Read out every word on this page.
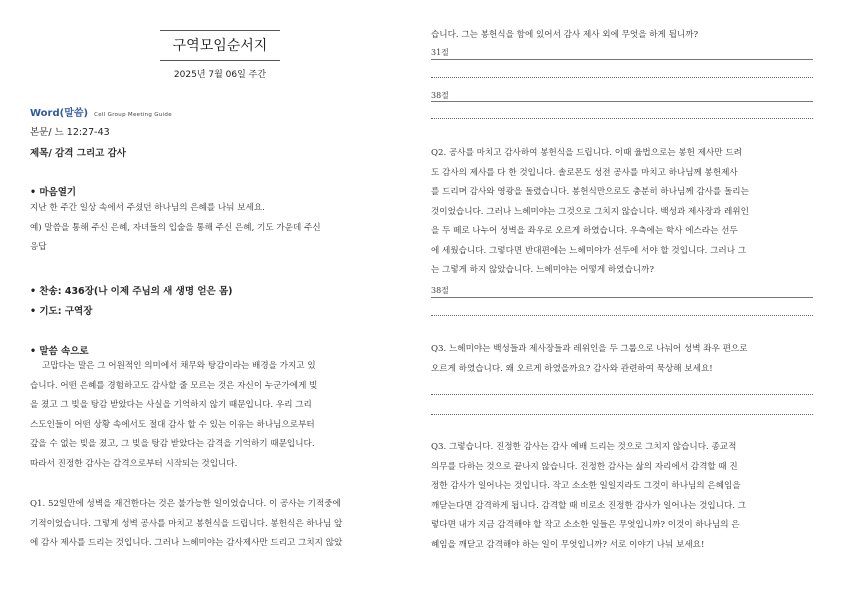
구역모임순서지
2025년 7월 06일 주간
Word(말씀) Cell Group Meeting Guide
본문/ 느 12:27-43
제목/ 감격 그리고 감사
• 마음열기
지난 한 주간 일상 속에서 주셨던 하나님의 은혜를 나눠 보세요.
예) 말씀을 통해 주신 은혜, 자녀들의 입술을 통해 주신 은혜, 기도 가운데 주신
응답
• 찬송: 436장(나 이제 주님의 새 생명 얻은 몸)
• 기도: 구역장
• 말씀 속으로
고맙다는 말은 그 어원적인 의미에서 채무와 탕감이라는 배경을 가지고 있
습니다. 어떤 은혜를 경험하고도 감사할 줄 모르는 것은 자신이 누군가에게 빚
을 졌고 그 빚을 탕감 받았다는 사실을 기억하지 않기 때문입니다. 우리 그리
스도인들이 어떤 상황 속에서도 절대 감사 할 수 있는 이유는 하나님으로부터
갚을 수 없는 빚을 졌고, 그 빚을 탕감 받았다는 감격을 기억하기 때문입니다.
따라서 진정한 감사는 감격으로부터 시작되는 것입니다.
Q1. 52일만에 성벽을 재건한다는 것은 불가능한 일이었습니다. 이 공사는 기적중에
기적이었습니다. 그렇게 성벽 공사를 마치고 봉헌식을 드립니다. 봉헌식은 하나님 앞
에 감사 제사를 드리는 것입니다. 그러나 느헤미야는 감사제사만 드리고 그치지 않았
습니다. 그는 봉헌식을 함에 있어서 감사 제사 외에 무엇을 하게 됩니까?
31절
38절
Q2. 공사를 마치고 감사하여 봉헌식을 드립니다. 이때 율법으로는 봉헌 제사만 드려
도 감사의 제사를 다 한 것입니다. 솔로몬도 성전 공사를 마치고 하나님께 봉헌제사
를 드리며 감사와 영광을 돌렸습니다. 봉헌식만으로도 충분히 하나님께 감사를 돌리는
것이었습니다. 그러나 느헤미야는 그것으로 그치지 않습니다. 백성과 제사장과 레위인
을 두 떼로 나누어 성벽을 좌우로 오르게 하였습니다. 우측에는 학사 에스라는 선두
에 세웠습니다. 그렇다면 반대편에는 느헤미야가 선두에 서야 할 것입니다. 그러나 그
는 그렇게 하지 않았습니다. 느헤미야는 어떻게 하였습니까?
38절
Q3. 느헤미야는 백성들과 제사장들과 레위인을 두 그룹으로 나눠어 성벽 좌우 편으로
오르게 하였습니다. 왜 오르게 하였을까요? 감사와 관련하여 묵상해 보세요!
Q3. 그렇습니다. 진정한 감사는 감사 예배 드리는 것으로 그치지 않습니다. 종교적
의무를 다하는 것으로 끝나지 않습니다. 진정한 감사는 삶의 자리에서 감격할 때 진
정한 감사가 일어나는 것입니다. 작고 소소한 일일지라도 그것이 하나님의 은혜임을
깨닫는다면 감격하게 됩니다. 감격할 때 비로소 진정한 감사가 일어나는 것입니다. 그
렇다면 내가 지금 감격해야 할 작고 소소한 일들은 무엇입니까? 이것이 하나님의 은
혜임을 깨닫고 감격해야 하는 일이 무엇입니까? 서로 이야기 나눠 보세요!
